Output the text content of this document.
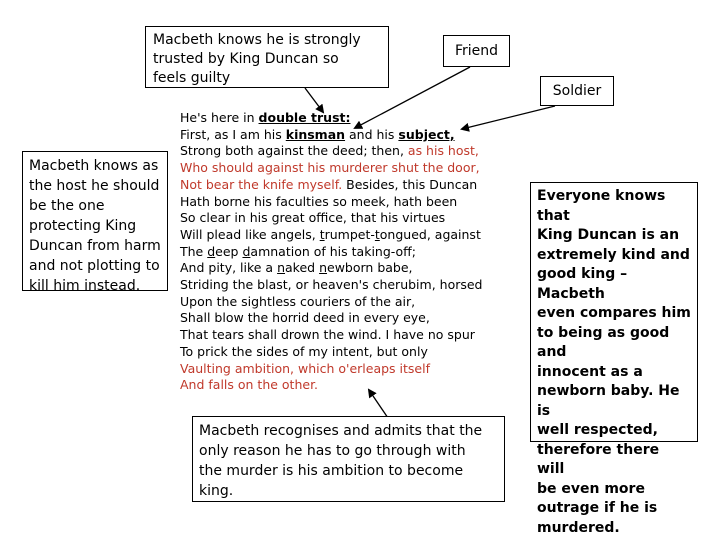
Macbeth knows he is strongly
trusted by King Duncan so
feels guilty
Friend
Soldier
Macbeth knows as
the host he should
be the one
protecting King
Duncan from harm
and not plotting to
kill him instead.
Macbeth recognises and admits that the
only reason he has to go through with
the murder is his ambition to become
king.
Everyone knows that
King Duncan is an
extremely kind and
good king – Macbeth
even compares him
to being as good and
innocent as a
newborn baby. He is
well respected,
therefore there will
be even more
outrage if he is
murdered.
He's here in double trust:
First, as I am his kinsman and his subject,
Strong both against the deed; then, as his host,
Who should against his murderer shut the door,
Not bear the knife myself. Besides, this Duncan
Hath borne his faculties so meek, hath been
So clear in his great office, that his virtues
Will plead like angels, trumpet-tongued, against
The deep damnation of his taking-off;
And pity, like a naked newborn babe,
Striding the blast, or heaven's cherubim, horsed
Upon the sightless couriers of the air,
Shall blow the horrid deed in every eye,
That tears shall drown the wind. I have no spur
To prick the sides of my intent, but only
Vaulting ambition, which o'erleaps itself
And falls on the other.
